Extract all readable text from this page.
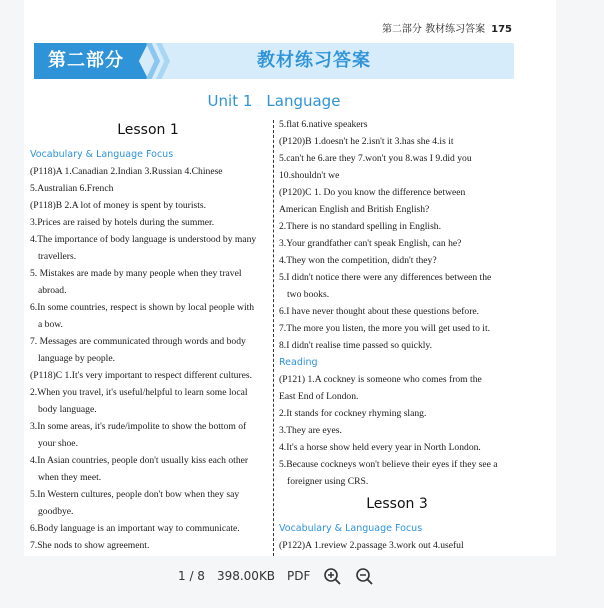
第二部分 教材练习答案 175
第二部分	教材练习答案
Unit 1 Language
Lesson 1
Vocabulary & Language Focus
(P118)A 1.Canadian 2.Indian 3.Russian 4.Chinese
5.Australian 6.French
(P118)B 2.A lot of money is spent by tourists.
3.Prices are raised by hotels during the summer.
4.The importance of body language is understood by many
travellers.
5. Mistakes are made by many people when they travel
abroad.
6.In some countries, respect is shown by local people with
a bow.
7. Messages are communicated through words and body
language by people.
(P118)C 1.It's very important to respect different cultures.
2.When you travel, it's useful/helpful to learn some local
body language.
3.In some areas, it's rude/impolite to show the bottom of
your shoe.
4.In Asian countries, people don't usually kiss each other
when they meet.
5.In Western cultures, people don't bow when they say
goodbye.
6.Body language is an important way to communicate.
7.She nods to show agreement.
5.flat 6.native speakers
(P120)B 1.doesn't he 2.isn't it 3.has she 4.is it
5.can't he 6.are they 7.won't you 8.was I 9.did you
10.shouldn't we
(P120)C 1. Do you know the difference between
American English and British English?
2.There is no standard spelling in English.
3.Your grandfather can't speak English, can he?
4.They won the competition, didn't they?
5.I didn't notice there were any differences between the
two books.
6.I have never thought about these questions before.
7.The more you listen, the more you will get used to it.
8.I didn't realise time passed so quickly.
Reading
(P121) 1.A cockney is someone who comes from the
East End of London.
2.It stands for cockney rhyming slang.
3.They are eyes.
4.It's a horse show held every year in North London.
5.Because cockneys won't believe their eyes if they see a
foreigner using CRS.
Lesson 3
Vocabulary & Language Focus
(P122)A 1.review 2.passage 3.work out 4.useful
1 / 8 398.00KB PDF
